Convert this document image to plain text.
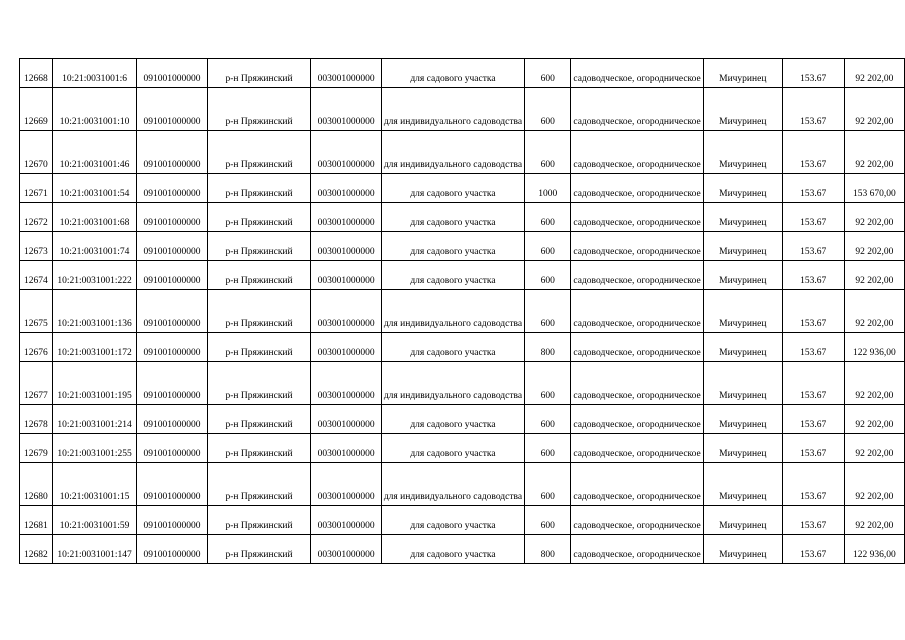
12668	10:21:0031001:6	091001000000	р-н Пряжинский	003001000000	для садового участка	600	садоводческое, огородническое	Мичуринец	153.67	92 202,00
12669	10:21:0031001:10	091001000000	р-н Пряжинский	003001000000	для индивидуального садоводства	600	садоводческое, огородническое	Мичуринец	153.67	92 202,00
12670	10:21:0031001:46	091001000000	р-н Пряжинский	003001000000	для индивидуального садоводства	600	садоводческое, огородническое	Мичуринец	153.67	92 202,00
12671	10:21:0031001:54	091001000000	р-н Пряжинский	003001000000	для садового участка	1000	садоводческое, огородническое	Мичуринец	153.67	153 670,00
12672	10:21:0031001:68	091001000000	р-н Пряжинский	003001000000	для садового участка	600	садоводческое, огородническое	Мичуринец	153.67	92 202,00
12673	10:21:0031001:74	091001000000	р-н Пряжинский	003001000000	для садового участка	600	садоводческое, огородническое	Мичуринец	153.67	92 202,00
12674	10:21:0031001:222	091001000000	р-н Пряжинский	003001000000	для садового участка	600	садоводческое, огородническое	Мичуринец	153.67	92 202,00
12675	10:21:0031001:136	091001000000	р-н Пряжинский	003001000000	для индивидуального садоводства	600	садоводческое, огородническое	Мичуринец	153.67	92 202,00
12676	10:21:0031001:172	091001000000	р-н Пряжинский	003001000000	для садового участка	800	садоводческое, огородническое	Мичуринец	153.67	122 936,00
12677	10:21:0031001:195	091001000000	р-н Пряжинский	003001000000	для индивидуального садоводства	600	садоводческое, огородническое	Мичуринец	153.67	92 202,00
12678	10:21:0031001:214	091001000000	р-н Пряжинский	003001000000	для садового участка	600	садоводческое, огородническое	Мичуринец	153.67	92 202,00
12679	10:21:0031001:255	091001000000	р-н Пряжинский	003001000000	для садового участка	600	садоводческое, огородническое	Мичуринец	153.67	92 202,00
12680	10:21:0031001:15	091001000000	р-н Пряжинский	003001000000	для индивидуального садоводства	600	садоводческое, огородническое	Мичуринец	153.67	92 202,00
12681	10:21:0031001:59	091001000000	р-н Пряжинский	003001000000	для садового участка	600	садоводческое, огородническое	Мичуринец	153.67	92 202,00
12682	10:21:0031001:147	091001000000	р-н Пряжинский	003001000000	для садового участка	800	садоводческое, огородническое	Мичуринец	153.67	122 936,00
